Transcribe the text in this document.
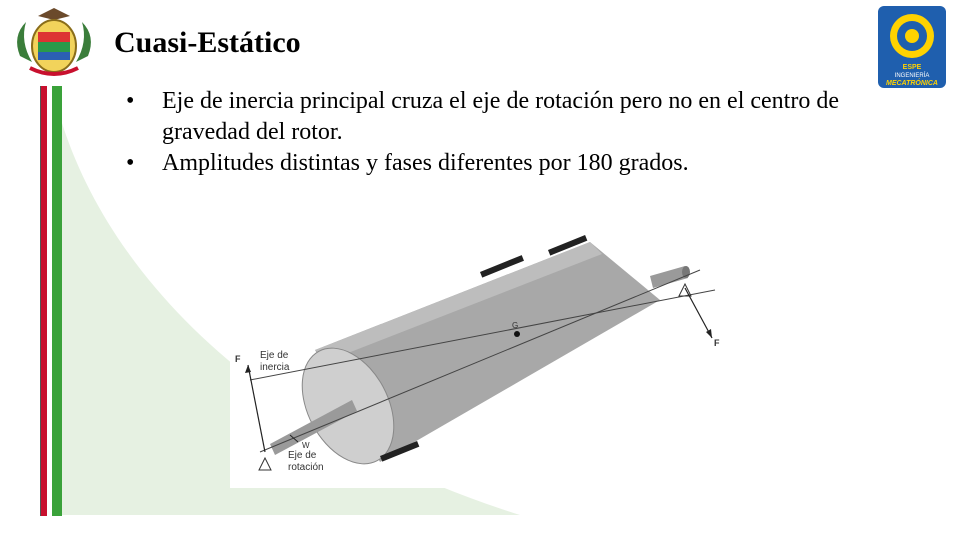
ESPE
INGENIERÍA
MECATRÓNICA
Cuasi-Estático
• Eje de inercia principal cruza el eje de rotación pero no en el centro de gravedad del rotor.
• Amplitudes distintas y fases diferentes por 180 grados.
G
F
F
W
Eje de
inercia
Eje de
rotación
